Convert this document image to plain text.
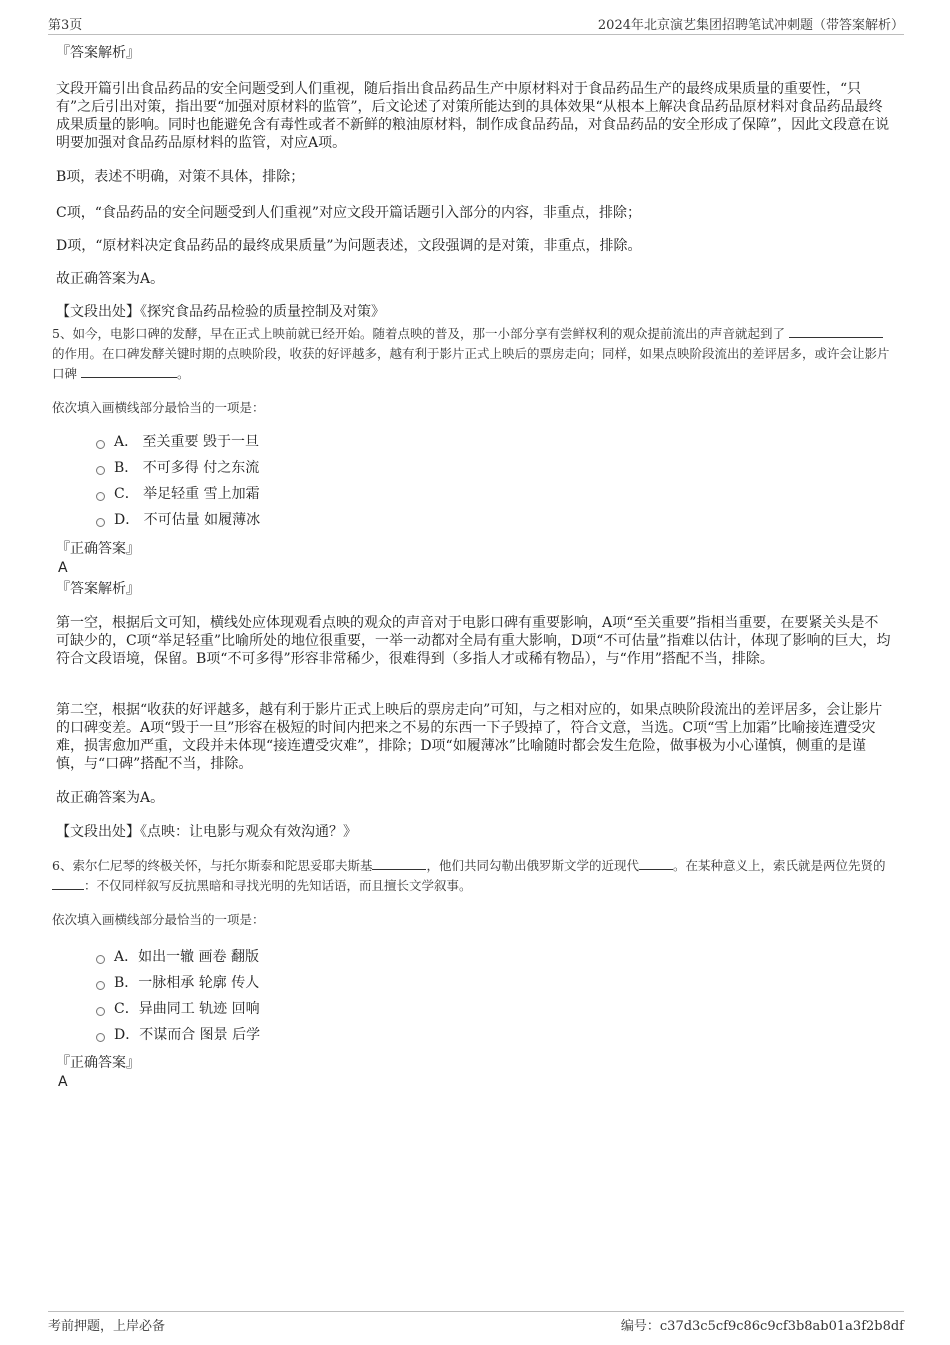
第3页	2024年北京演艺集团招聘笔试冲刺题（带答案解析）
『答案解析』
文段开篇引出食品药品的安全问题受到人们重视，随后指出食品药品生产中原材料对于食品药品生产的最终成果质量的重要性，“只有”之后引出对策，指出要“加强对原材料的监管”，后文论述了对策所能达到的具体效果“从根本上解决食品药品原材料对食品药品最终成果质量的影响。同时也能避免含有毒性或者不新鲜的粮油原材料，制作成食品药品，对食品药品的安全形成了保障”，因此文段意在说明要加强对食品药品原材料的监管，对应A项。
B项，表述不明确，对策不具体，排除；
C项，“食品药品的安全问题受到人们重视”对应文段开篇话题引入部分的内容，非重点，排除；
D项，“原材料决定食品药品的最终成果质量”为问题表述，文段强调的是对策，非重点，排除。
故正确答案为A。
【文段出处】《探究食品药品检验的质量控制及对策》
5、如今，电影口碑的发酵，早在正式上映前就已经开始。随着点映的普及，那一小部分享有尝鲜权利的观众提前流出的声音就起到了 的作用。在口碑发酵关键时期的点映阶段，收获的好评越多，越有利于影片正式上映后的票房走向；同样，如果点映阶段流出的差评居多，或许会让影片口碑	。
依次填入画横线部分最恰当的一项是：
A． 至关重要 毁于一旦
B． 不可多得 付之东流
C． 举足轻重 雪上加霜
D． 不可估量 如履薄冰
『正确答案』
A
『答案解析』
第一空，根据后文可知，横线处应体现观看点映的观众的声音对于电影口碑有重要影响，A项“至关重要”指相当重要，在要紧关头是不可缺少的，C项“举足轻重”比喻所处的地位很重要，一举一动都对全局有重大影响，D项“不可估量”指难以估计，体现了影响的巨大，均符合文段语境，保留。B项“不可多得”形容非常稀少，很难得到（多指人才或稀有物品），与“作用”搭配不当，排除。
第二空，根据“收获的好评越多，越有利于影片正式上映后的票房走向”可知，与之相对应的，如果点映阶段流出的差评居多，会让影片的口碑变差。A项“毁于一旦”形容在极短的时间内把来之不易的东西一下子毁掉了，符合文意，当选。C项“雪上加霜”比喻接连遭受灾难，损害愈加严重，文段并未体现“接连遭受灾难”，排除；D项“如履薄冰”比喻随时都会发生危险，做事极为小心谨慎，侧重的是谨慎，与“口碑”搭配不当，排除。
故正确答案为A。
【文段出处】《点映：让电影与观众有效沟通？》
6、索尔仁尼琴的终极关怀，与托尔斯泰和陀思妥耶夫斯基	，他们共同勾勒出俄罗斯文学的近现代	。在某种意义上，索氏就是两位先贤的：不仅同样叙写反抗黑暗和寻找光明的先知话语，而且擅长文学叙事。
依次填入画横线部分最恰当的一项是：
A．如出一辙 画卷 翻版
B．一脉相承 轮廓 传人
C．异曲同工 轨迹 回响
D．不谋而合 图景 后学
『正确答案』
A
考前押题，上岸必备	编号：c37d3c5cf9c86c9cf3b8ab01a3f2b8df
